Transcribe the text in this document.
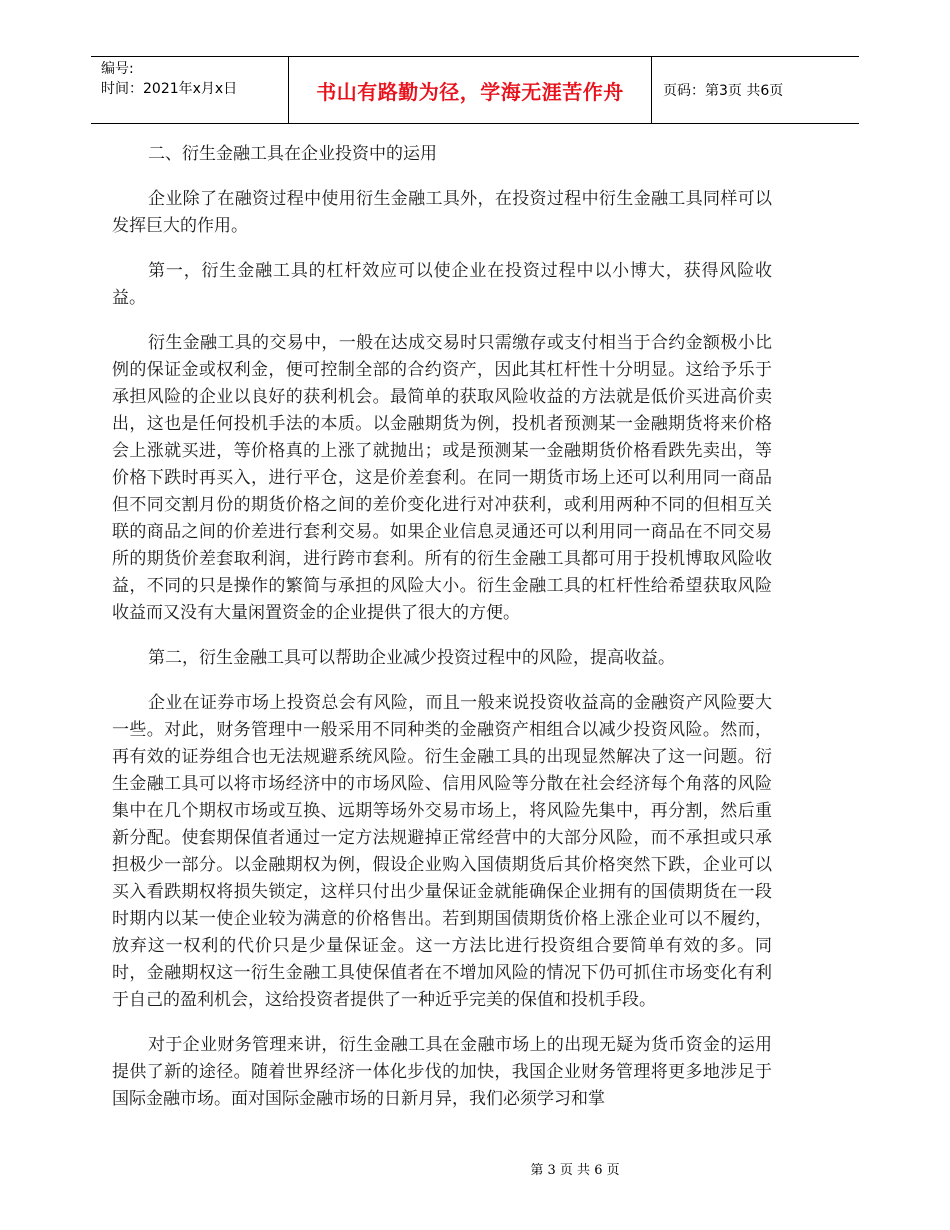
编号:
时间：2021年x月x日	书山有路勤为径，学海无涯苦作舟	页码：第3页 共6页

二、衍生金融工具在企业投资中的运用

企业除了在融资过程中使用衍生金融工具外，在投资过程中衍生金融工具同样可以发挥巨大的作用。

第一，衍生金融工具的杠杆效应可以使企业在投资过程中以小博大，获得风险收益。

衍生金融工具的交易中，一般在达成交易时只需缴存或支付相当于合约金额极小比例的保证金或权利金，便可控制全部的合约资产，因此其杠杆性十分明显。这给予乐于承担风险的企业以良好的获利机会。最简单的获取风险收益的方法就是低价买进高价卖出，这也是任何投机手法的本质。以金融期货为例，投机者预测某一金融期货将来价格会上涨就买进，等价格真的上涨了就抛出；或是预测某一金融期货价格看跌先卖出，等价格下跌时再买入，进行平仓，这是价差套利。在同一期货市场上还可以利用同一商品但不同交割月份的期货价格之间的差价变化进行对冲获利，或利用两种不同的但相互关联的商品之间的价差进行套利交易。如果企业信息灵通还可以利用同一商品在不同交易所的期货价差套取利润，进行跨市套利。所有的衍生金融工具都可用于投机博取风险收益，不同的只是操作的繁简与承担的风险大小。衍生金融工具的杠杆性给希望获取风险收益而又没有大量闲置资金的企业提供了很大的方便。

第二，衍生金融工具可以帮助企业减少投资过程中的风险，提高收益。

企业在证券市场上投资总会有风险，而且一般来说投资收益高的金融资产风险要大一些。对此，财务管理中一般采用不同种类的金融资产相组合以减少投资风险。然而，再有效的证券组合也无法规避系统风险。衍生金融工具的出现显然解决了这一问题。衍生金融工具可以将市场经济中的市场风险、信用风险等分散在社会经济每个角落的风险集中在几个期权市场或互换、远期等场外交易市场上，将风险先集中，再分割，然后重新分配。使套期保值者通过一定方法规避掉正常经营中的大部分风险，而不承担或只承担极少一部分。以金融期权为例，假设企业购入国债期货后其价格突然下跌，企业可以买入看跌期权将损失锁定，这样只付出少量保证金就能确保企业拥有的国债期货在一段时期内以某一使企业较为满意的价格售出。若到期国债期货价格上涨企业可以不履约，放弃这一权利的代价只是少量保证金。这一方法比进行投资组合要简单有效的多。同时，金融期权这一衍生金融工具使保值者在不增加风险的情况下仍可抓住市场变化有利于自己的盈利机会，这给投资者提供了一种近乎完美的保值和投机手段。

对于企业财务管理来讲，衍生金融工具在金融市场上的出现无疑为货币资金的运用提供了新的途径。随着世界经济一体化步伐的加快，我国企业财务管理将更多地涉足于国际金融市场。面对国际金融市场的日新月异，我们必须学习和掌

第 3 页 共 6 页
